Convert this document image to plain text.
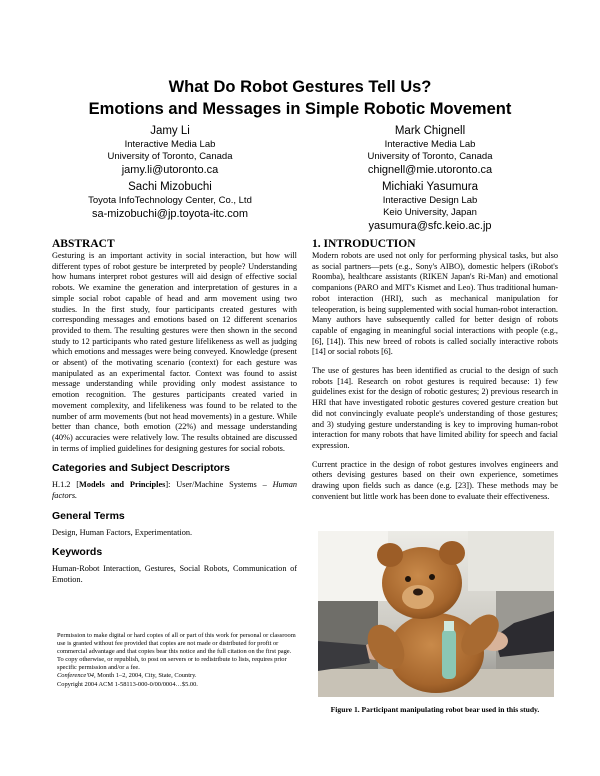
What Do Robot Gestures Tell Us?
Emotions and Messages in Simple Robotic Movement
Jamy Li
Interactive Media Lab
University of Toronto, Canada
jamy.li@utoronto.ca
Mark Chignell
Interactive Media Lab
University of Toronto, Canada
chignell@mie.utoronto.ca
Sachi Mizobuchi
Toyota InfoTechnology Center, Co., Ltd
sa-mizobuchi@jp.toyota-itc.com
Michiaki Yasumura
Interactive Design Lab
Keio University, Japan
yasumura@sfc.keio.ac.jp
ABSTRACT

Gesturing is an important activity in social interaction, but how will different types of robot gesture be interpreted by people? Understanding how humans interpret robot gestures will aid design of effective social robots. We examine the generation and interpretation of gestures in a simple social robot capable of head and arm movement using two studies. In the first study, four participants created gestures with corresponding messages and emotions based on 12 different scenarios provided to them. The resulting gestures were then shown in the second study to 12 participants who rated gesture lifelikeness as well as judging which emotions and messages were being conveyed. Knowledge (present or absent) of the motivating scenario (context) for each gesture was manipulated as an experimental factor. Context was found to assist message understanding while providing only modest assistance to emotion recognition. The gestures participants created varied in movement complexity, and lifelikeness was found to be related to the number of arm movements (but not head movements) in a gesture. While better than chance, both emotion (22%) and message understanding (40%) accuracies were relatively low. The results obtained are discussed in terms of implied guidelines for designing gestures for social robots.

Categories and Subject Descriptors

H.1.2 [Models and Principles]: User/Machine Systems – Human factors.

General Terms

Design, Human Factors, Experimentation.

Keywords

Human-Robot Interaction, Gestures, Social Robots, Communication of Emotion.

Permission to make digital or hard copies of all or part of this work for personal or classroom use is granted without fee provided that copies are not made or distributed for profit or commercial advantage and that copies bear this notice and the full citation on the first page. To copy otherwise, or republish, to post on servers or to redistribute to lists, requires prior specific permission and/or a fee.

Conference'04, Month 1–2, 2004, City, State, Country.

Copyright 2004 ACM 1-58113-000-0/00/0004…$5.00.

1. INTRODUCTION

Modern robots are used not only for performing physical tasks, but also as social partners—pets (e.g., Sony's AIBO), domestic helpers (iRobot's Roomba), healthcare assistants (RIKEN Japan's Ri-Man) and emotional companions (PARO and MIT's Kismet and Leo). Thus traditional human-robot interaction (HRI), such as mechanical manipulation for teleoperation, is being supplemented with social human-robot interaction. Many authors have subsequently called for better design of robots capable of engaging in meaningful social interactions with people (e.g., [6], [14]). This new breed of robots is called socially interactive robots [14] or social robots [6].

The use of gestures has been identified as crucial to the design of such robots [14]. Research on robot gestures is required because: 1) few guidelines exist for the design of robotic gestures; 2) previous research in HRI that have investigated robotic gestures covered gesture creation but did not convincingly evaluate people's understanding of those gestures; and 3) studying gesture understanding is key to improving human-robot interaction for many robots that have limited ability for speech and facial expression.

Current practice in the design of robot gestures involves engineers and others devising gestures based on their own experience, sometimes drawing upon fields such as dance (e.g. [23]). These methods may be convenient but little work has been done to evaluate their effectiveness.

Figure 1. Participant manipulating robot bear used in this study.
